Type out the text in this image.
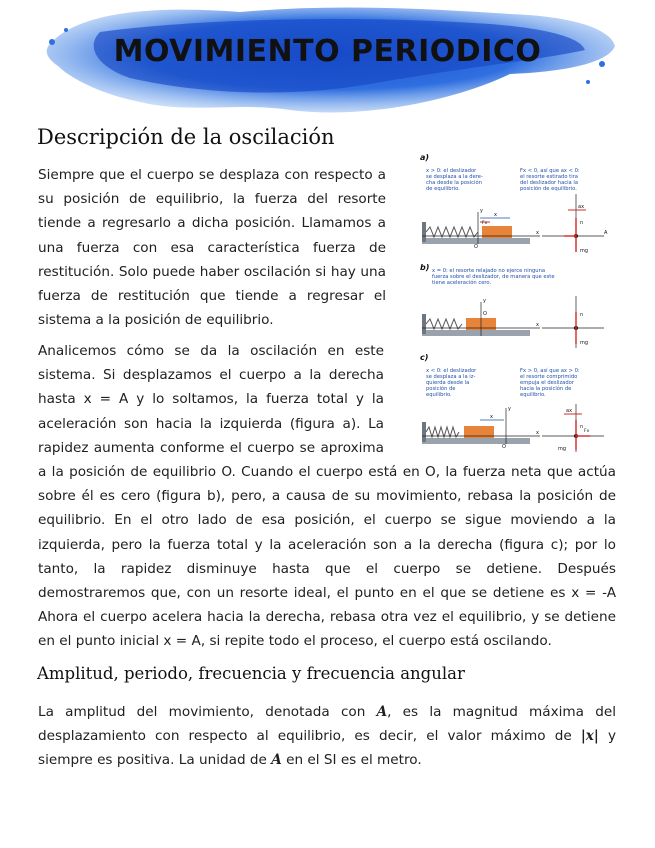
MOVIMIENTO PERIODICO
Descripción de la oscilación
Siempre que el cuerpo se desplaza con respecto a su posición de equilibrio, la fuerza del resorte tiende a regresarlo a dicha posición. Llamamos a una fuerza con esa característica fuerza de restitución. Solo puede haber oscilación si hay una fuerza de restitución que tiende a regresar el sistema a la posición de equilibrio.
Analicemos cómo se da la oscilación en este sistema. Si desplazamos el cuerpo a la derecha hasta x = A y lo soltamos, la fuerza total y la aceleración son hacia la izquierda (figura a). La rapidez aumenta conforme el cuerpo se aproxima a la posición de equilibrio O. Cuando el cuerpo está en O, la fuerza neta que actúa sobre él es cero (figura b), pero, a causa de su movimiento, rebasa la posición de equilibrio. En el otro lado de esa posición, el cuerpo se sigue moviendo a la izquierda, pero la fuerza total y la aceleración son a la derecha (figura c); por lo tanto, la rapidez disminuye hasta que el cuerpo se detiene. Después demostraremos que, con un resorte ideal, el punto en el que se detiene es x = -A Ahora el cuerpo acelera hacia la derecha, rebasa otra vez el equilibrio, y se detiene en el punto inicial x = A, si repite todo el proceso, el cuerpo está oscilando.
Amplitud, periodo, frecuencia y frecuencia angular
La amplitud del movimiento, denotada con A, es la magnitud máxima del desplazamiento con respecto al equilibrio, es decir, el valor máximo de |x| y siempre es positiva. La unidad de A en el SI es el metro.
a)
x > 0: el deslizador
se desplaza a la dere-
cha desde la posición
de equilibrio.
Fx < 0, así que ax < 0:
el resorte estirado tira
del deslizador hacia la
posición de equilibrio.
O
y
x
x
Fx
ax
n
mg
A
b) x = 0: el resorte relajado no ejerce ninguna
fuerza sobre el deslizador, de manera que este
tiene aceleración cero.
O
y
x
n
mg
c)
x < 0: el deslizador
se desplaza a la iz-
quierda desde la
posición de
equilibrio.
Fx > 0, así que ax > 0:
el resorte comprimido
empuja el deslizador
hacia la posición de
equilibrio.
y
O
x
x
ax
n
mg
Fx
